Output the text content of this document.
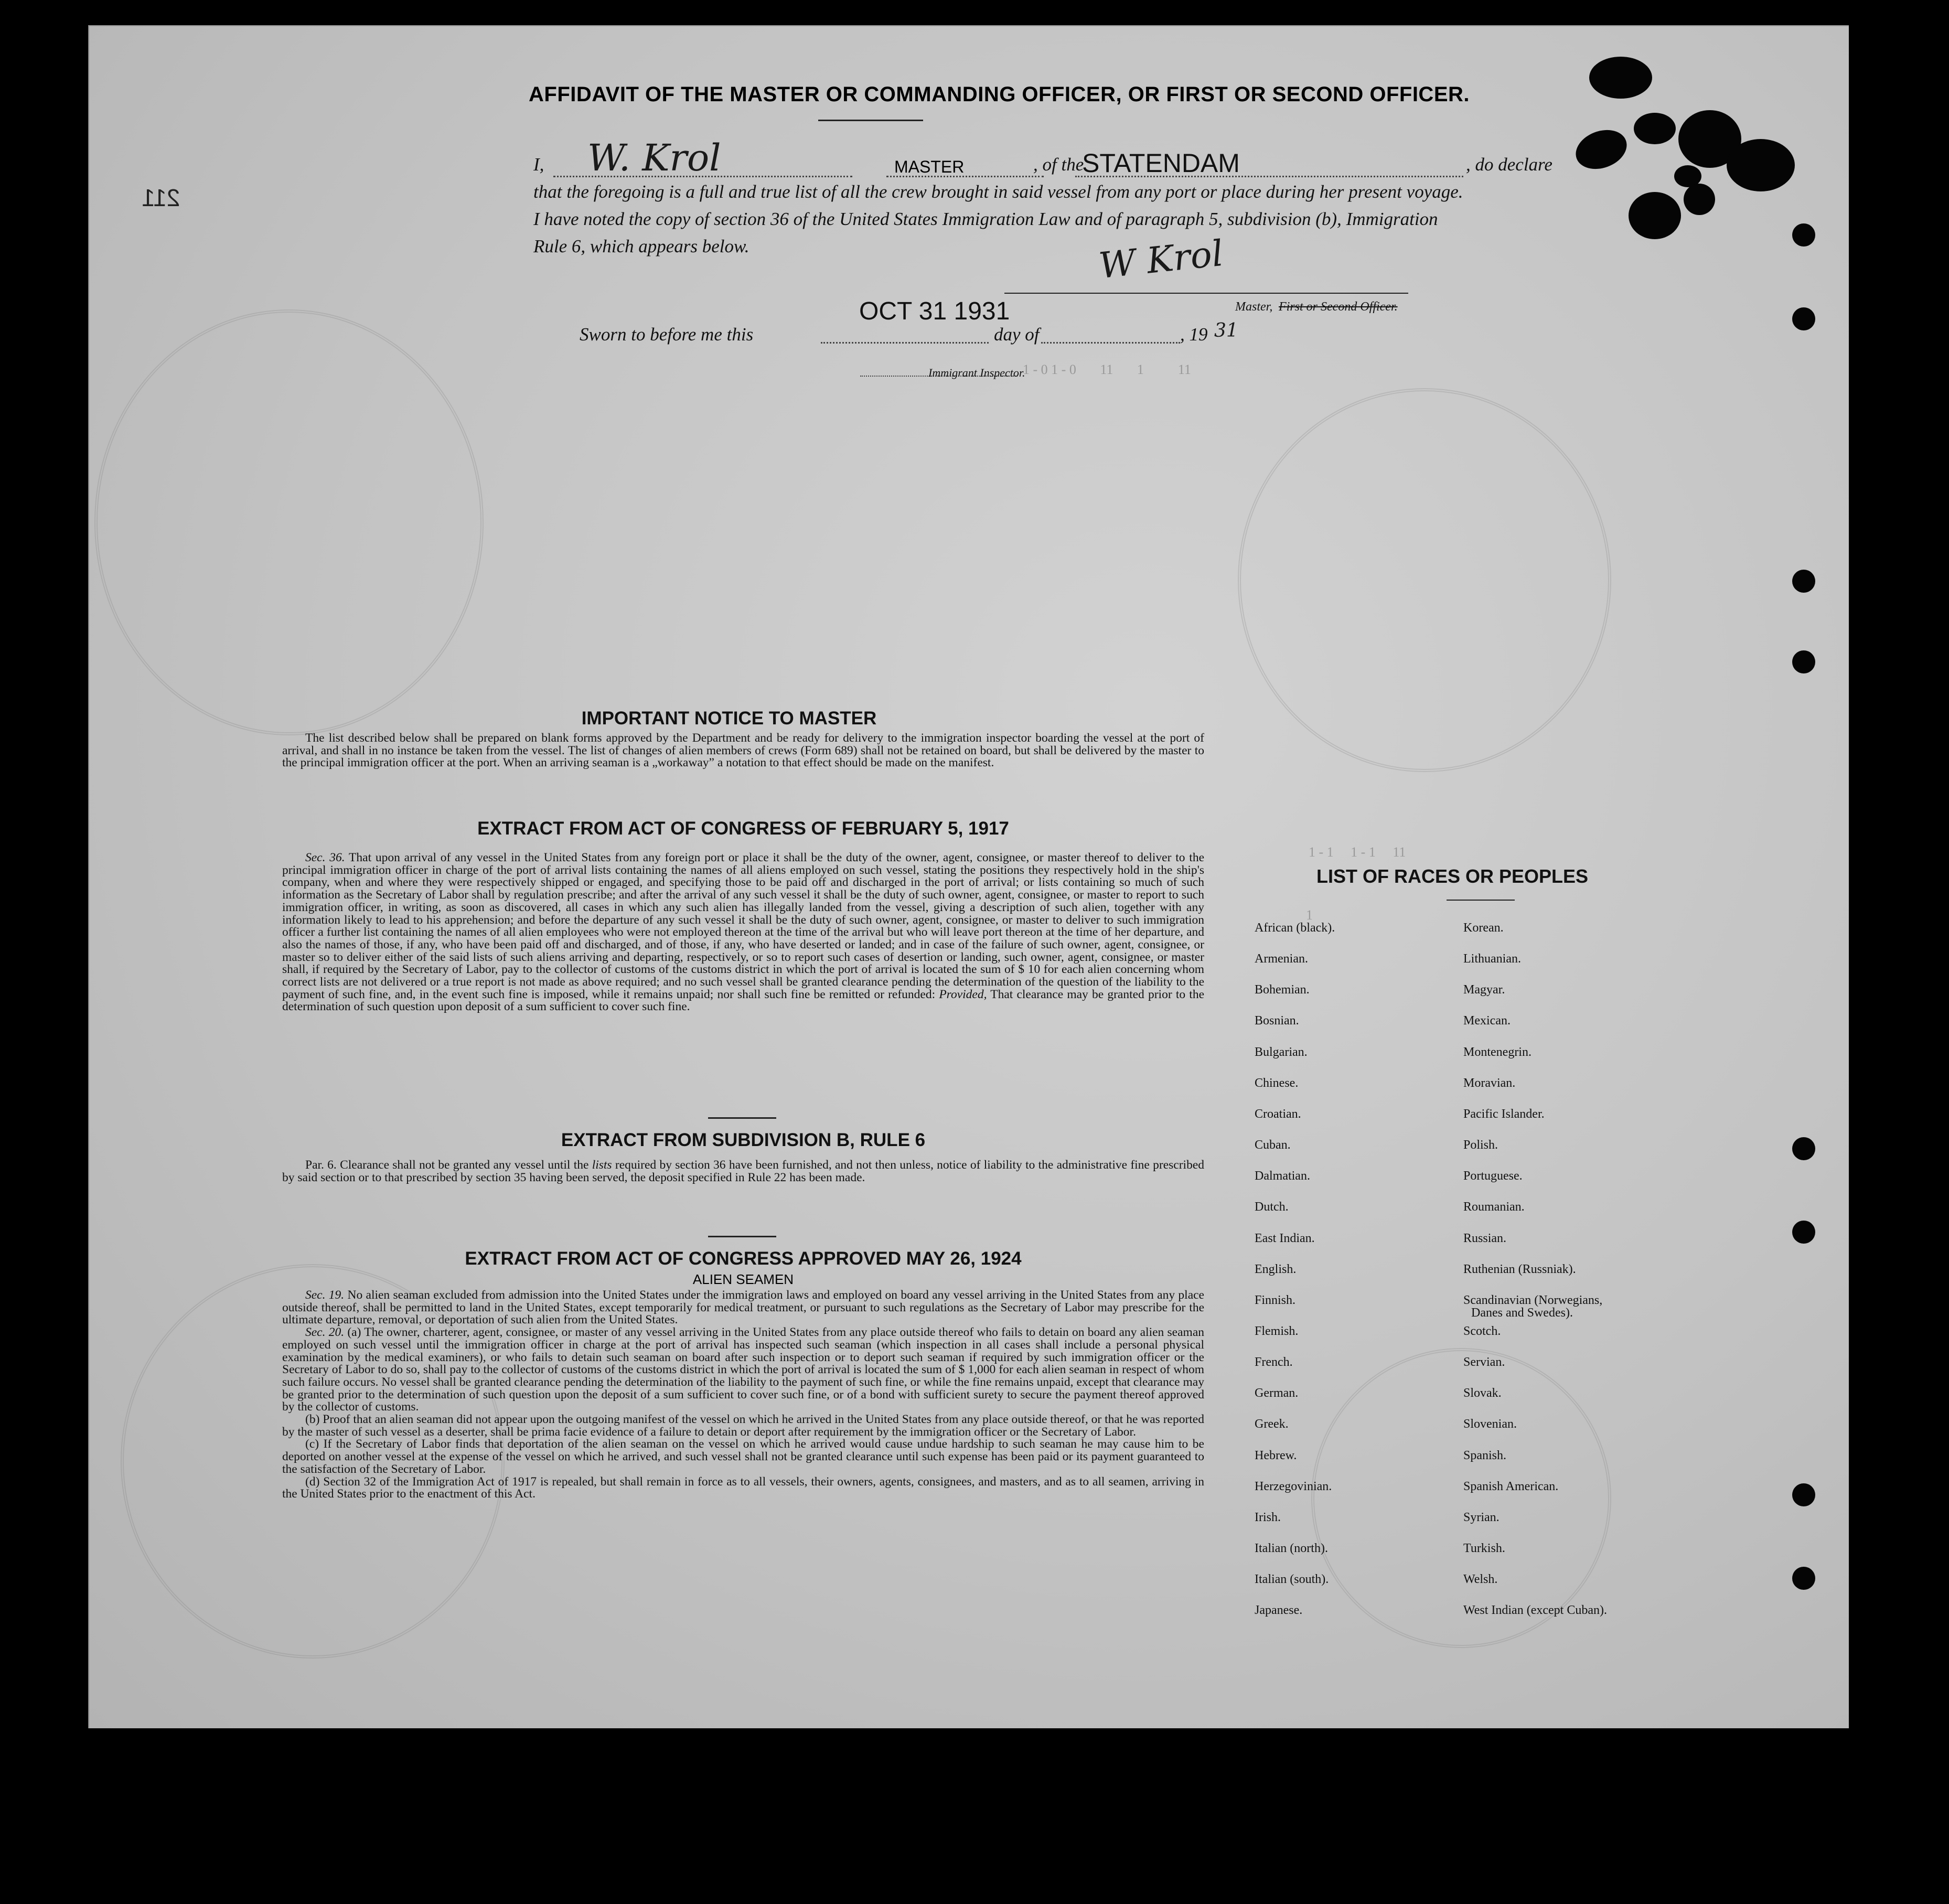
211
AFFIDAVIT OF THE MASTER OR COMMANDING OFFICER, OR FIRST OR SECOND OFFICER.
I, W. Krol	MASTER	, of the
STATENDAM	, do declare
that the foregoing is a full and true list of all the crew brought in said vessel from any port or place during her present voyage.
I have noted the copy of section 36 of the United States Immigration Law and of paragraph 5, subdivision (b), Immigration
Rule 6, which appears below.	W Krol
Master, First or Second Officer.
Sworn to before me this
OCT 31 1931
day of	, 19 31
Immigrant Inspector.
1 - 0 1 - 0       11       1          11
1 - 1     1 - 1     11
1
IMPORTANT NOTICE TO MASTER

The list described below shall be prepared on blank forms approved by the Department and be ready for delivery to the immigration inspector boarding the vessel at the port of arrival, and shall in no instance be taken from the vessel. The list of changes of alien members of crews (Form 689) shall not be retained on board, but shall be delivered by the master to the principal immigration officer at the port. When an arriving seaman is a „workaway” a notation to that effect should be made on the manifest.

EXTRACT FROM ACT OF CONGRESS OF FEBRUARY 5, 1917

Sec. 36. That upon arrival of any vessel in the United States from any foreign port or place it shall be the duty of the owner, agent, consignee, or master thereof to deliver to the principal immigration officer in charge of the port of arrival lists containing the names of all aliens employed on such vessel, stating the positions they respectively hold in the ship's company, when and where they were respectively shipped or engaged, and specifying those to be paid off and discharged in the port of arrival; or lists containing so much of such information as the Secretary of Labor shall by regulation prescribe; and after the arrival of any such vessel it shall be the duty of such owner, agent, consignee, or master to report to such immigration officer, in writing, as soon as discovered, all cases in which any such alien has illegally landed from the vessel, giving a description of such alien, together with any information likely to lead to his apprehension; and before the departure of any such vessel it shall be the duty of such owner, agent, consignee, or master to deliver to such immigration officer a further list containing the names of all alien employees who were not employed thereon at the time of the arrival but who will leave port thereon at the time of her departure, and also the names of those, if any, who have been paid off and discharged, and of those, if any, who have deserted or landed; and in case of the failure of such owner, agent, consignee, or master so to deliver either of the said lists of such aliens arriving and departing, respectively, or so to report such cases of desertion or landing, such owner, agent, consignee, or master shall, if required by the Secretary of Labor, pay to the collector of customs of the customs district in which the port of arrival is located the sum of $ 10 for each alien concerning whom correct lists are not delivered or a true report is not made as above required; and no such vessel shall be granted clearance pending the determination of the question of the liability to the payment of such fine, and, in the event such fine is imposed, while it remains unpaid; nor shall such fine be remitted or refunded: Provided, That clearance may be granted prior to the determination of such question upon deposit of a sum sufficient to cover such fine.

EXTRACT FROM SUBDIVISION B, RULE 6

Par. 6. Clearance shall not be granted any vessel until the lists required by section 36 have been furnished, and not then unless, notice of liability to the administrative fine prescribed by said section or to that prescribed by section 35 having been served, the deposit specified in Rule 22 has been made.

EXTRACT FROM ACT OF CONGRESS APPROVED MAY 26, 1924
ALIEN SEAMEN

Sec. 19. No alien seaman excluded from admission into the United States under the immigration laws and employed on board any vessel arriving in the United States from any place outside thereof, shall be permitted to land in the United States, except temporarily for medical treatment, or pursuant to such regulations as the Secretary of Labor may prescribe for the ultimate departure, removal, or deportation of such alien from the United States.

Sec. 20. (a) The owner, charterer, agent, consignee, or master of any vessel arriving in the United States from any place outside thereof who fails to detain on board any alien seaman employed on such vessel until the immigration officer in charge at the port of arrival has inspected such seaman (which inspection in all cases shall include a personal physical examination by the medical examiners), or who fails to detain such seaman on board after such inspection or to deport such seaman if required by such immigration officer or the Secretary of Labor to do so, shall pay to the collector of customs of the customs district in which the port of arrival is located the sum of $ 1,000 for each alien seaman in respect of whom such failure occurs. No vessel shall be granted clearance pending the determination of the liability to the payment of such fine, or while the fine remains unpaid, except that clearance may be granted prior to the determination of such question upon the deposit of a sum sufficient to cover such fine, or of a bond with sufficient surety to secure the payment thereof approved by the collector of customs.

(b) Proof that an alien seaman did not appear upon the outgoing manifest of the vessel on which he arrived in the United States from any place outside thereof, or that he was reported by the master of such vessel as a deserter, shall be prima facie evidence of a failure to detain or deport after requirement by the immigration officer or the Secretary of Labor.

(c) If the Secretary of Labor finds that deportation of the alien seaman on the vessel on which he arrived would cause undue hardship to such seaman he may cause him to be deported on another vessel at the expense of the vessel on which he arrived, and such vessel shall not be granted clearance until such expense has been paid or its payment guaranteed to the satisfaction of the Secretary of Labor.

(d) Section 32 of the Immigration Act of 1917 is repealed, but shall remain in force as to all vessels, their owners, agents, consignees, and masters, and as to all seamen, arriving in the United States prior to the enactment of this Act.

LIST OF RACES OR PEOPLES
Danes and Swedes).
African (black).
Armenian.
Bohemian.
Bosnian.
Bulgarian.
Chinese.
Croatian.
Cuban.
Dalmatian.
Dutch.
East Indian.
English.
Finnish.
Flemish.
French.
German.
Greek.
Hebrew.
Herzegovinian.
Irish.
Italian (north).
Italian (south).
Japanese.
Korean.
Lithuanian.
Magyar.
Mexican.
Montenegrin.
Moravian.
Pacific Islander.
Polish.
Portuguese.
Roumanian.
Russian.
Ruthenian (Russniak).
Scandinavian (Norwegians,
Scotch.
Servian.
Slovak.
Slovenian.
Spanish.
Spanish American.
Syrian.
Turkish.
Welsh.
West Indian (except Cuban).
